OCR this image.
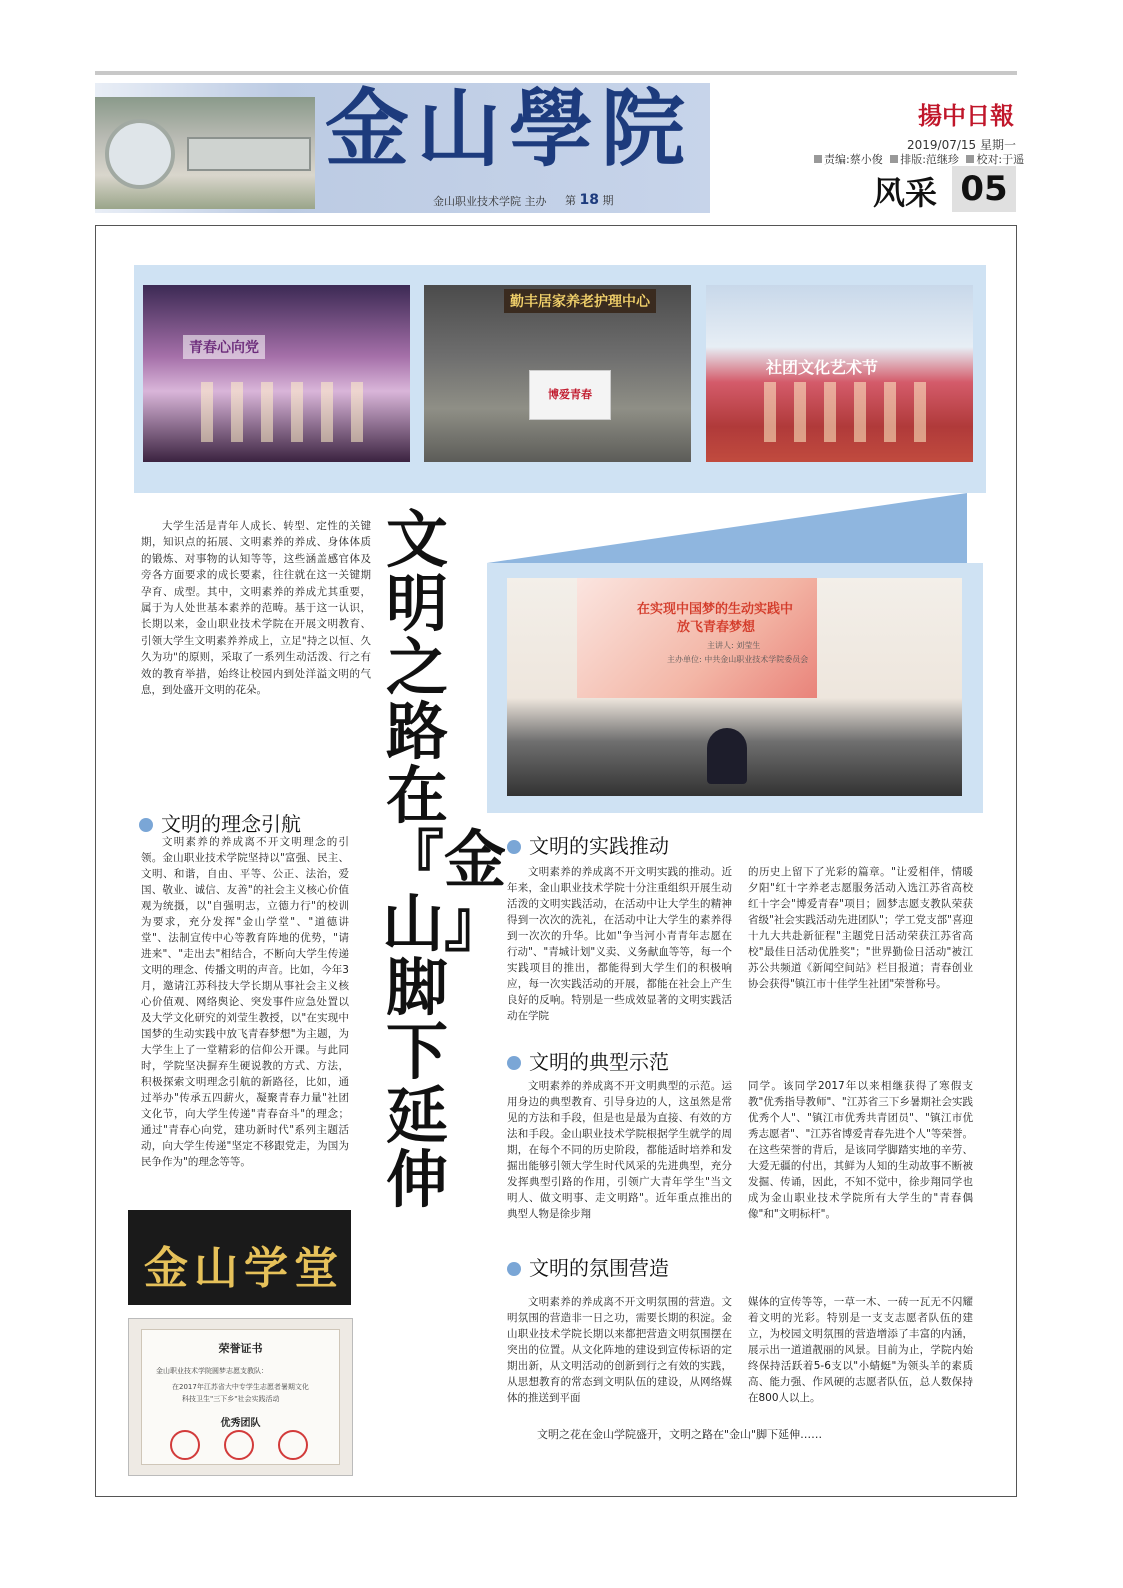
金山學院
金山职业技术学院 主办 第 18 期
揚中日報
2019/07/15 星期一
责编:蔡小俊 排版:范继珍 校对:于遥
风采 05
青春心向党
勤丰居家养老护理中心
博爱青春
社团文化艺术节
在实现中国梦的生动实践中
放飞青春梦想
主讲人: 刘莹生
主办单位: 中共金山职业技术学院委员会
文明之路在『金山』脚下延伸

大学生活是青年人成长、转型、定性的关键期，知识点的拓展、文明素养的养成、身体体质的锻炼、对事物的认知等等，这些涵盖感官体及旁各方面要求的成长要素，往往就在这一关键期孕育、成型。其中，文明素养的养成尤其重要，属于为人处世基本素养的范畴。基于这一认识，长期以来，金山职业技术学院在开展文明教育、引领大学生文明素养养成上，立足"持之以恒、久久为功"的原则，采取了一系列生动活泼、行之有效的教育举措，始终让校园内到处洋溢文明的气息，到处盛开文明的花朵。

文明的理念引航

文明素养的养成离不开文明理念的引领。金山职业技术学院坚持以"富强、民主、文明、和谐，自由、平等、公正、法治，爱国、敬业、诚信、友善"的社会主义核心价值观为统摄，以"自强明志，立德力行"的校训为要求，充分发挥"金山学堂"、"道德讲堂"、法制宣传中心等教育阵地的优势，"请进来"、"走出去"相结合，不断向大学生传递文明的理念、传播文明的声音。比如，今年3月，邀请江苏科技大学长期从事社会主义核心价值观、网络舆论、突发事件应急处置以及大学文化研究的刘莹生教授，以"在实现中国梦的生动实践中放飞青春梦想"为主题，为大学生上了一堂精彩的信仰公开课。与此同时，学院坚决摒弃生硬说教的方式、方法，积极探索文明理念引航的新路径，比如，通过举办"传承五四薪火，凝聚青春力量"社团文化节，向大学生传递"青春奋斗"的理念；通过"青春心向党，建功新时代"系列主题活动，向大学生传递"坚定不移跟党走，为国为民争作为"的理念等等。

文明的实践推动

文明素养的养成离不开文明实践的推动。近年来，金山职业技术学院十分注重组织开展生动活泼的文明实践活动，在活动中让大学生的精神得到一次次的洗礼，在活动中让大学生的素养得到一次次的升华。比如"争当河小青青年志愿在行动"、"青城计划"义卖、义务献血等等，每一个实践项目的推出，都能得到大学生们的积极响应，每一次实践活动的开展，都能在社会上产生良好的反响。特别是一些成效显著的文明实践活动在学院

的历史上留下了光彩的篇章。"让爱相伴，情暖夕阳"红十字养老志愿服务活动入选江苏省高校红十字会"博爱青春"项目；圆梦志愿支教队荣获省级"社会实践活动先进团队"；学工党支部"喜迎十九大共赴新征程"主题党日活动荣获江苏省高校"最佳日活动优胜奖"；"世界勤俭日活动"被江苏公共频道《新闻空间站》栏目报道；青春创业协会获得"镇江市十佳学生社团"荣誉称号。

文明的典型示范

文明素养的养成离不开文明典型的示范。运用身边的典型教育、引导身边的人，这虽然是常见的方法和手段，但是也是最为直接、有效的方法和手段。金山职业技术学院根据学生就学的周期，在每个不同的历史阶段，都能适时培养和发掘出能够引领大学生时代风采的先进典型，充分发挥典型引路的作用，引领广大青年学生"当文明人、做文明事、走文明路"。近年重点推出的典型人物是徐步翔

同学。该同学2017年以来相继获得了寒假支教"优秀指导教师"、"江苏省三下乡暑期社会实践优秀个人"、"镇江市优秀共青团员"、"镇江市优秀志愿者"、"江苏省博爱青春先进个人"等荣誉。在这些荣誉的背后，是该同学脚踏实地的辛劳、大爱无疆的付出，其鲜为人知的生动故事不断被发掘、传诵，因此，不知不觉中，徐步翔同学也成为金山职业技术学院所有大学生的"青春偶像"和"文明标杆"。

文明的氛围营造

文明素养的养成离不开文明氛围的营造。文明氛围的营造非一日之功，需要长期的积淀。金山职业技术学院长期以来都把营造文明氛围摆在突出的位置。从文化阵地的建设到宣传标语的定期出新，从文明活动的创新到行之有效的实践，从思想教育的常态到文明队伍的建设，从网络媒体的推送到平面

媒体的宣传等等，一草一木、一砖一瓦无不闪耀着文明的光彩。特别是一支支志愿者队伍的建立，为校园文明氛围的营造增添了丰富的内涵，展示出一道道靓丽的风景。目前为止，学院内始终保持活跃着5-6支以"小蜻蜓"为领头羊的素质高、能力强、作风硬的志愿者队伍，总人数保持在800人以上。

金山学堂
荣誉证书
金山职业技术学院圆梦志愿支教队：
在2017年江苏省大中专学生志愿者暑期文化
科技卫生"三下乡"社会实践活动
优秀团队
文明之花在金山学院盛开，文明之路在"金山"脚下延伸……
